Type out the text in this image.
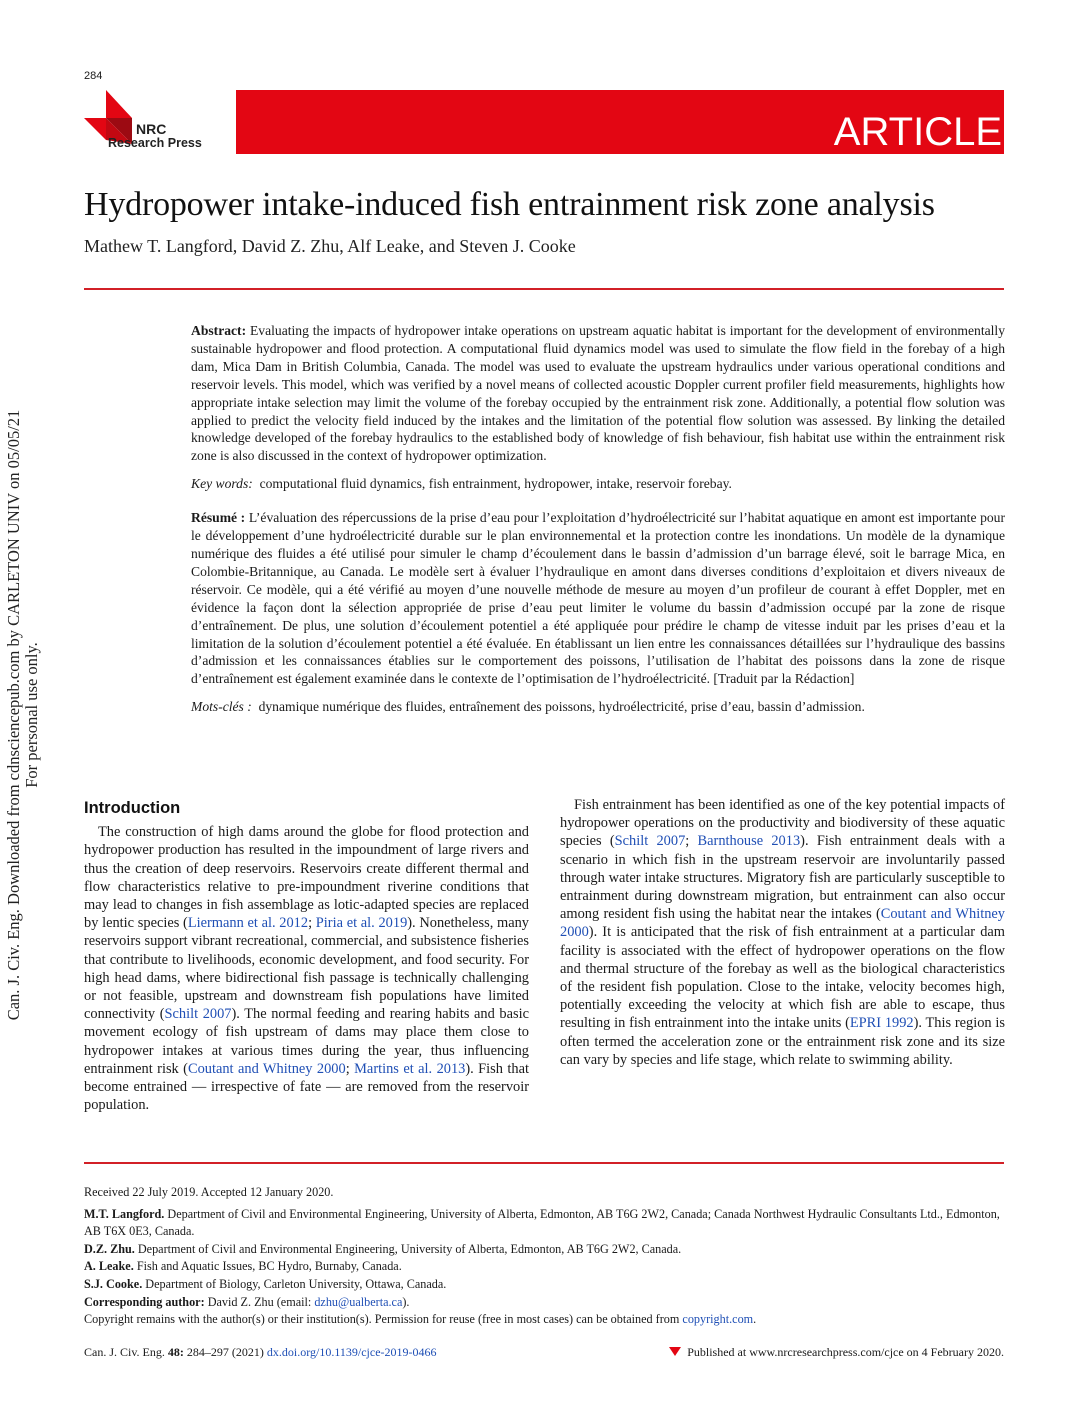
284
NRC
Research Press	ARTICLE
Hydropower intake-induced fish entrainment risk zone analysis
Mathew T. Langford, David Z. Zhu, Alf Leake, and Steven J. Cooke

Abstract: Evaluating the impacts of hydropower intake operations on upstream aquatic habitat is important for the development of environmentally sustainable hydropower and flood protection. A computational fluid dynamics model was used to simulate the flow field in the forebay of a high dam, Mica Dam in British Columbia, Canada. The model was used to evaluate the upstream hydraulics under various operational conditions and reservoir levels. This model, which was verified by a novel means of collected acoustic Doppler current profiler field measurements, highlights how appropriate intake selection may limit the volume of the forebay occupied by the entrainment risk zone. Additionally, a potential flow solution was applied to predict the velocity field induced by the intakes and the limitation of the potential flow solution was assessed. By linking the detailed knowledge developed of the forebay hydraulics to the established body of knowledge of fish behaviour, fish habitat use within the entrainment risk zone is also discussed in the context of hydropower optimization.

Key words: computational fluid dynamics, fish entrainment, hydropower, intake, reservoir forebay.

Résumé : L’évaluation des répercussions de la prise d’eau pour l’exploitation d’hydroélectricité sur l’habitat aquatique en amont est importante pour le développement d’une hydroélectricité durable sur le plan environnemental et la protection contre les inondations. Un modèle de la dynamique numérique des fluides a été utilisé pour simuler le champ d’écoulement dans le bassin d’admission d’un barrage élevé, soit le barrage Mica, en Colombie-Britannique, au Canada. Le modèle sert à évaluer l’hydraulique en amont dans diverses conditions d’exploitaion et divers niveaux de réservoir. Ce modèle, qui a été vérifié au moyen d’une nouvelle méthode de mesure au moyen d’un profileur de courant à effet Doppler, met en évidence la façon dont la sélection appropriée de prise d’eau peut limiter le volume du bassin d’admission occupé par la zone de risque d’entraînement. De plus, une solution d’écoulement potentiel a été appliquée pour prédire le champ de vitesse induit par les prises d’eau et la limitation de la solution d’écoulement potentiel a été évaluée. En établissant un lien entre les connaissances détaillées sur l’hydraulique des bassins d’admission et les connaissances établies sur le comportement des poissons, l’utilisation de l’habitat des poissons dans la zone de risque d’entraînement est également examinée dans le contexte de l’optimisation de l’hydroélectricité. [Traduit par la Rédaction]

Mots-clés : dynamique numérique des fluides, entraînement des poissons, hydroélectricité, prise d’eau, bassin d’admission.

Can. J. Civ. Eng. Downloaded from cdnsciencepub.com by CARLETON UNIV on 05/05/21 For personal use only.
Introduction

The construction of high dams around the globe for flood protection and hydropower production has resulted in the impoundment of large rivers and thus the creation of deep reservoirs. Reservoirs create different thermal and flow characteristics relative to pre-impoundment riverine conditions that may lead to changes in fish assemblage as lotic-adapted species are replaced by lentic species (Liermann et al. 2012; Piria et al. 2019). Nonetheless, many reservoirs support vibrant recreational, commercial, and subsistence fisheries that contribute to livelihoods, economic development, and food security. For high head dams, where bidirectional fish passage is technically challenging or not feasible, upstream and downstream fish populations have limited connectivity (Schilt 2007). The normal feeding and rearing habits and basic movement ecology of fish upstream of dams may place them close to hydropower intakes at various times during the year, thus influencing entrainment risk (Coutant and Whitney 2000; Martins et al. 2013). Fish that become entrained — irrespective of fate — are removed from the reservoir population.

Fish entrainment has been identified as one of the key potential impacts of hydropower operations on the productivity and biodiversity of these aquatic species (Schilt 2007; Barnthouse 2013). Fish entrainment deals with a scenario in which fish in the upstream reservoir are involuntarily passed through water intake structures. Migratory fish are particularly susceptible to entrainment during downstream migration, but entrainment can also occur among resident fish using the habitat near the intakes (Coutant and Whitney 2000). It is anticipated that the risk of fish entrainment at a particular dam facility is associated with the effect of hydropower operations on the flow and thermal structure of the forebay as well as the biological characteristics of the resident fish population. Close to the intake, velocity becomes high, potentially exceeding the velocity at which fish are able to escape, thus resulting in fish entrainment into the intake units (EPRI 1992). This region is often termed the acceleration zone or the entrainment risk zone and its size can vary by species and life stage, which relate to swimming ability.

Received 22 July 2019. Accepted 12 January 2020.

M.T. Langford. Department of Civil and Environmental Engineering, University of Alberta, Edmonton, AB T6G 2W2, Canada; Canada Northwest Hydraulic Consultants Ltd., Edmonton, AB T6X 0E3, Canada.

D.Z. Zhu. Department of Civil and Environmental Engineering, University of Alberta, Edmonton, AB T6G 2W2, Canada.

A. Leake. Fish and Aquatic Issues, BC Hydro, Burnaby, Canada.

S.J. Cooke. Department of Biology, Carleton University, Ottawa, Canada.

Corresponding author: David Z. Zhu (email: dzhu@ualberta.ca).

Copyright remains with the author(s) or their institution(s). Permission for reuse (free in most cases) can be obtained from copyright.com.

Can. J. Civ. Eng. 48: 284–297 (2021) dx.doi.org/10.1139/cjce-2019-0466	Published at www.nrcresearchpress.com/cjce on 4 February 2020.
